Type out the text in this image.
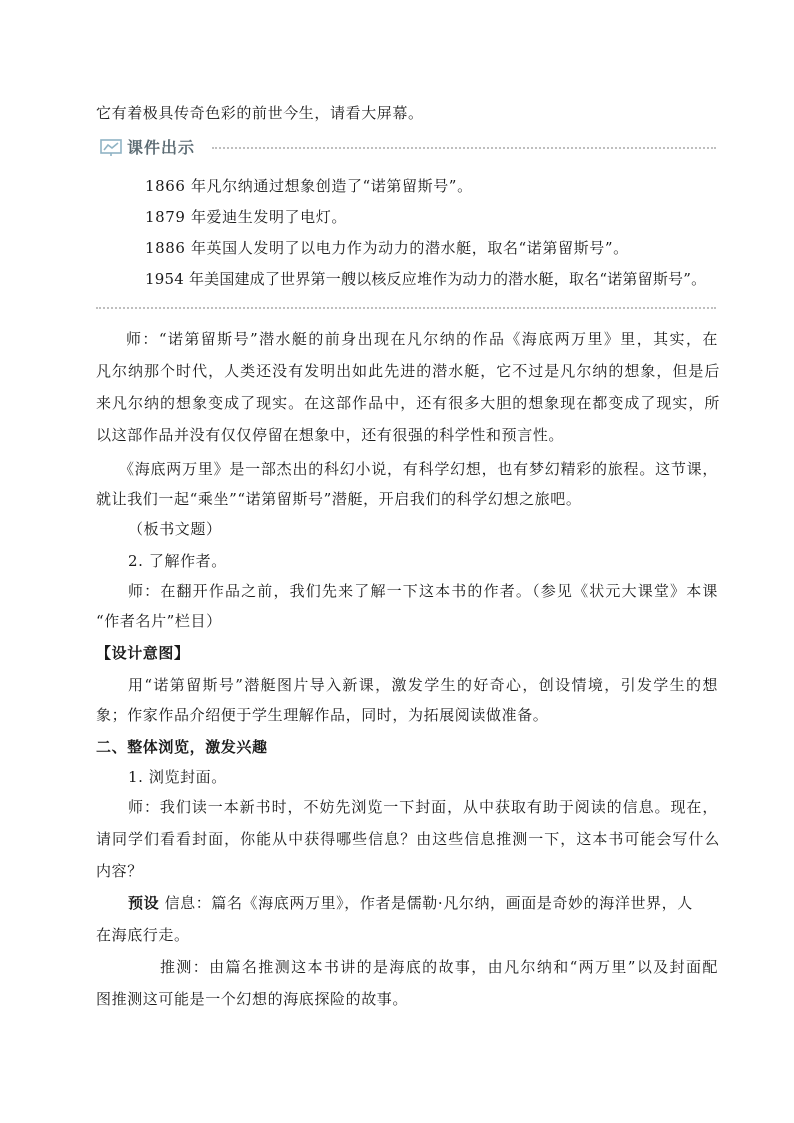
它有着极具传奇色彩的前世今生，请看大屏幕。
课件出示
1866 年凡尔纳通过想象创造了“诺第留斯号”。
1879 年爱迪生发明了电灯。
1886 年英国人发明了以电力作为动力的潜水艇，取名“诺第留斯号”。
1954 年美国建成了世界第一艘以核反应堆作为动力的潜水艇，取名“诺第留斯号”。
师：“诺第留斯号”潜水艇的前身出现在凡尔纳的作品《海底两万里》里，其实，在
凡尔纳那个时代，人类还没有发明出如此先进的潜水艇，它不过是凡尔纳的想象，但是后
来凡尔纳的想象变成了现实。在这部作品中，还有很多大胆的想象现在都变成了现实，所
以这部作品并没有仅仅停留在想象中，还有很强的科学性和预言性。
《海底两万里》是一部杰出的科幻小说，有科学幻想，也有梦幻精彩的旅程。这节课，
就让我们一起“乘坐”“诺第留斯号”潜艇，开启我们的科学幻想之旅吧。
（板书文题）
2. 了解作者。
师：在翻开作品之前，我们先来了解一下这本书的作者。（参见《状元大课堂》本课
“作者名片”栏目）
【设计意图】
用“诺第留斯号”潜艇图片导入新课，激发学生的好奇心，创设情境，引发学生的想
象；作家作品介绍便于学生理解作品，同时，为拓展阅读做准备。
二、整体浏览，激发兴趣
1. 浏览封面。
师：我们读一本新书时，不妨先浏览一下封面，从中获取有助于阅读的信息。现在，
请同学们看看封面，你能从中获得哪些信息？由这些信息推测一下，这本书可能会写什么
内容？
预设 信息：篇名《海底两万里》，作者是儒勒·凡尔纳，画面是奇妙的海洋世界，人
在海底行走。
推测：由篇名推测这本书讲的是海底的故事，由凡尔纳和“两万里”以及封面配
图推测这可能是一个幻想的海底探险的故事。
